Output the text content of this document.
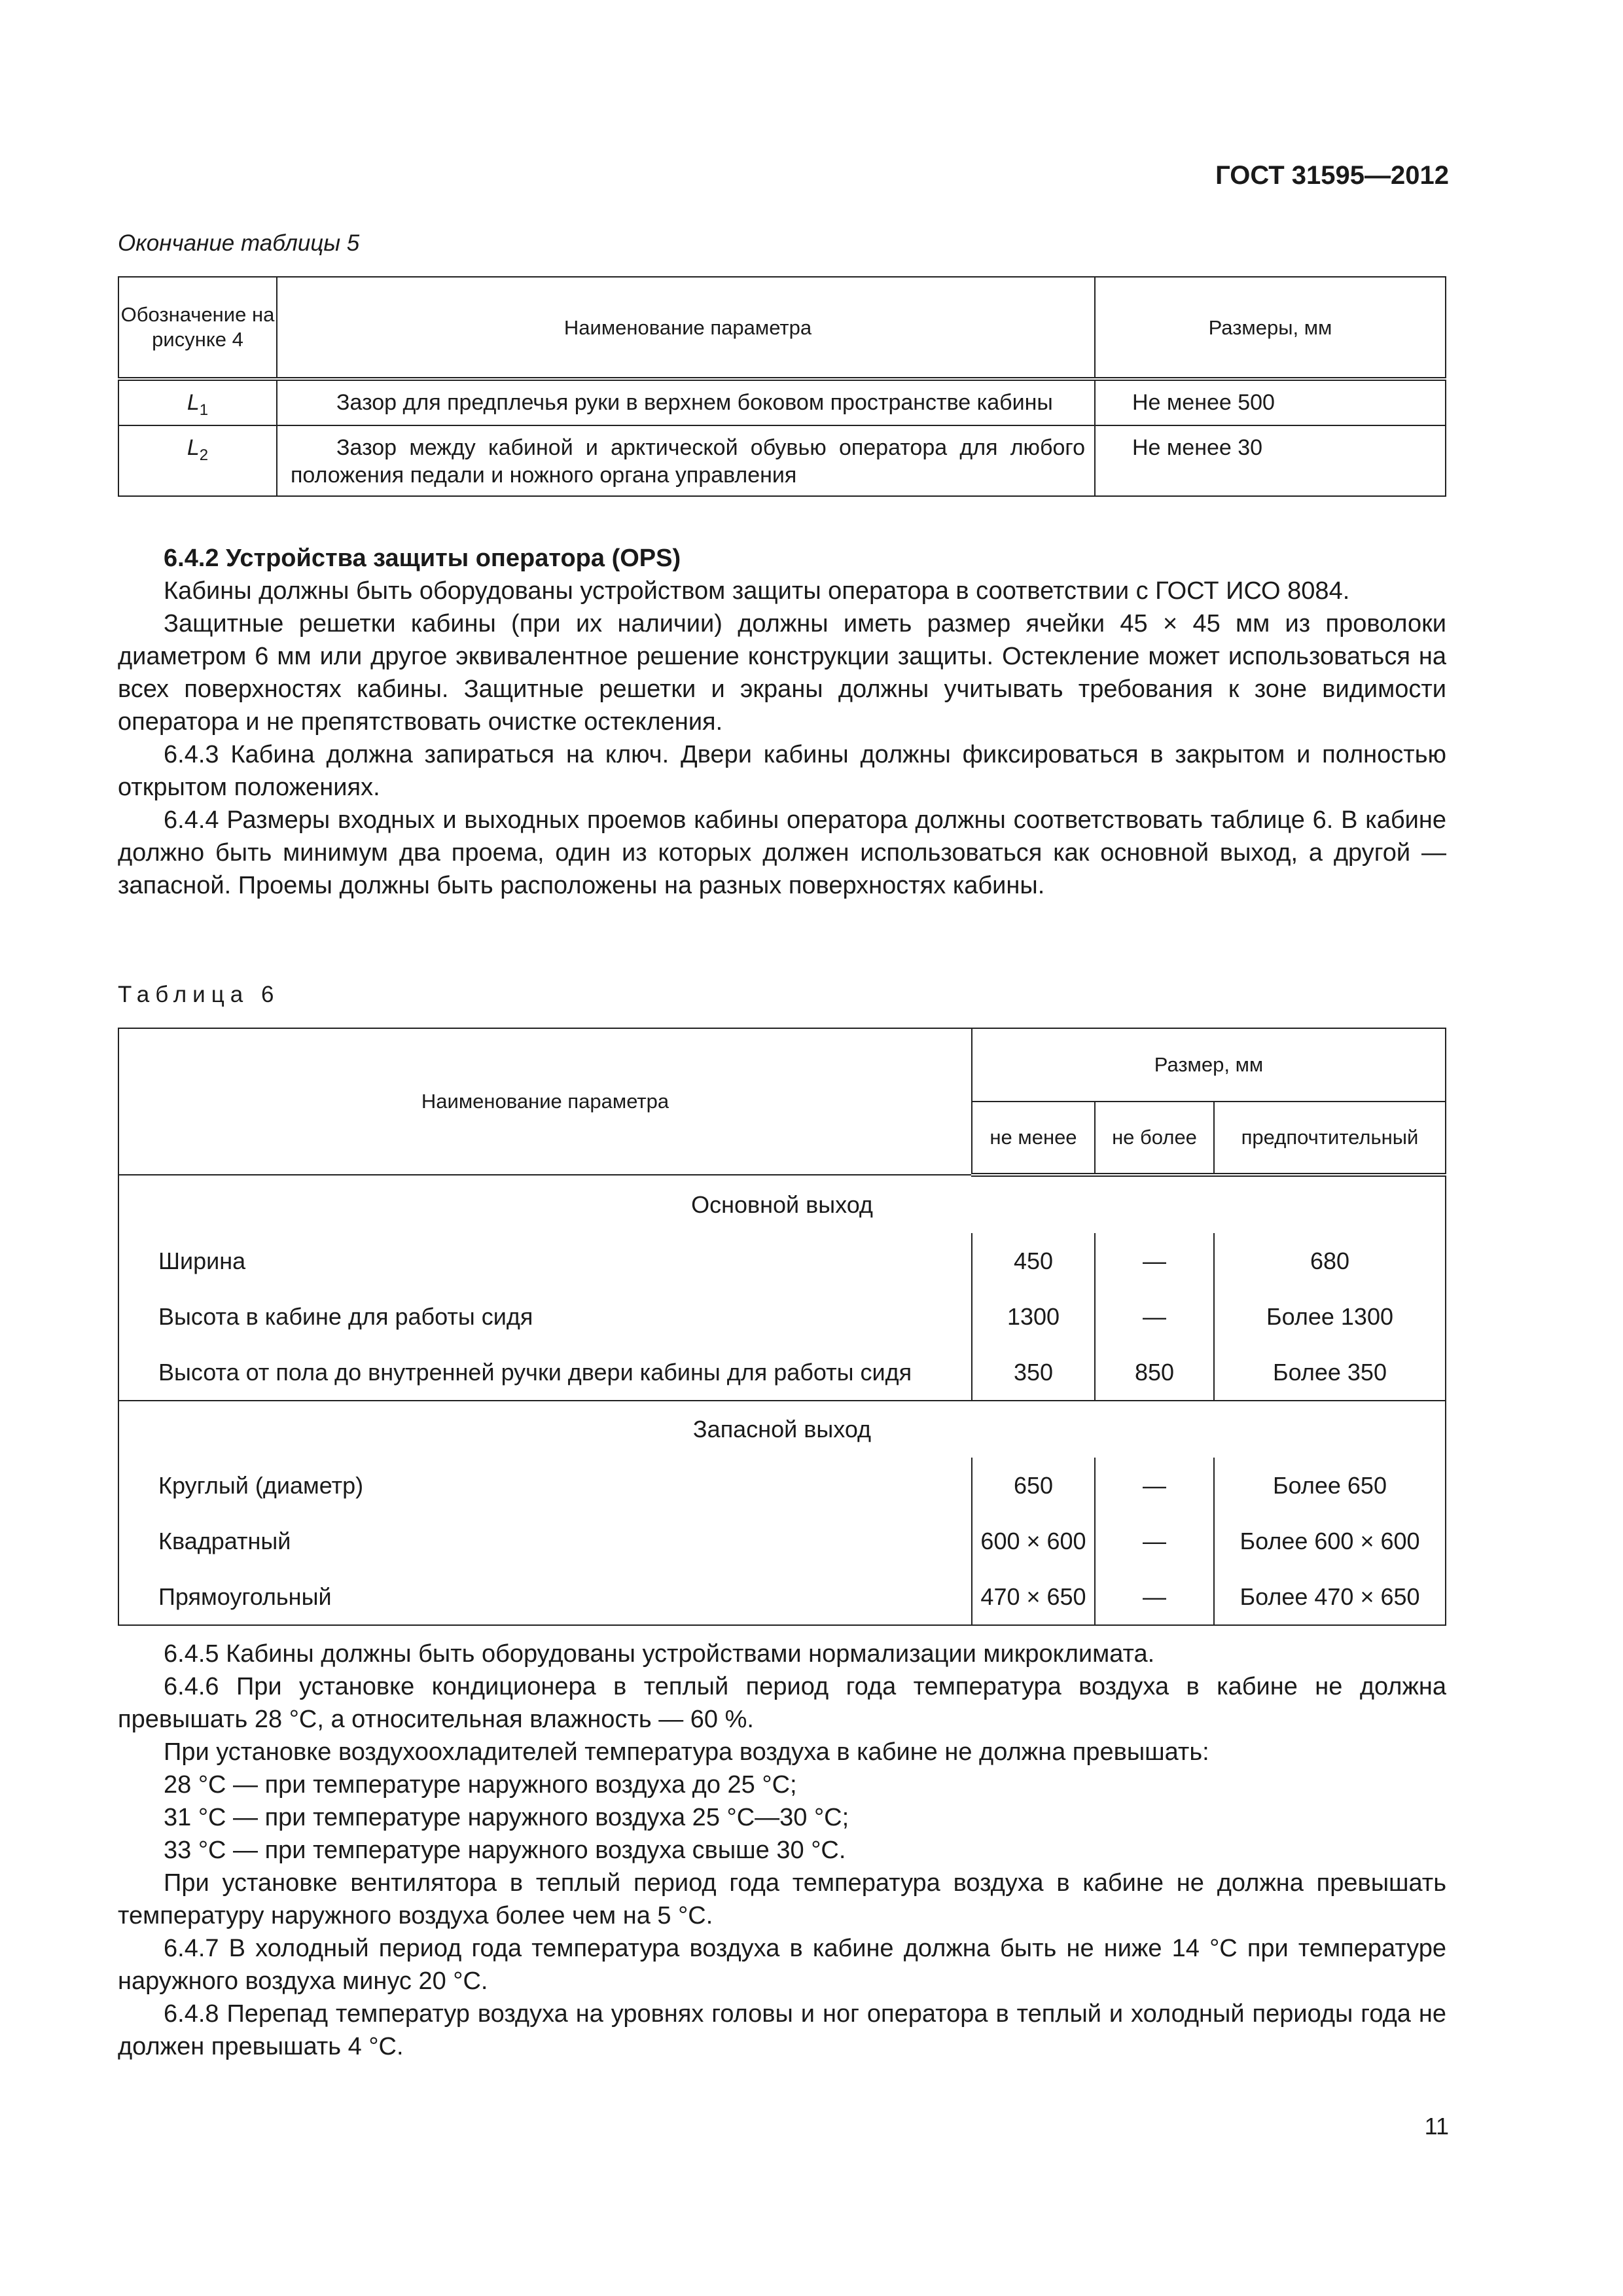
ГОСТ 31595—2012
Окончание таблицы 5
Обозначение на рисунке 4	Наименование параметра	Размеры, мм
$L_1$	Зазор для предплечья руки в верхнем боковом пространстве кабины	Не менее 500
$L_2$	Зазор между кабиной и арктической обувью оператора для любого положения педали и ножного органа управления	Не менее 30

6.4.2 Устройства защиты оператора (OPS)

Кабины должны быть оборудованы устройством защиты оператора в соответствии с ГОСТ ИСО 8084.

Защитные решетки кабины (при их наличии) должны иметь размер ячейки 45 × 45 мм из проволоки диаметром 6 мм или другое эквивалентное решение конструкции защиты. Остекление может использоваться на всех поверхностях кабины. Защитные решетки и экраны должны учитывать требования к зоне видимости оператора и не препятствовать очистке остекления.

6.4.3 Кабина должна запираться на ключ. Двери кабины должны фиксироваться в закрытом и полностью открытом положениях.

6.4.4 Размеры входных и выходных проемов кабины оператора должны соответствовать таблице 6. В кабине должно быть минимум два проема, один из которых должен использоваться как основной выход, а другой — запасной. Проемы должны быть расположены на разных поверхностях кабины.

Таблица 6
Наименование параметра	Размер, мм		
	не менее	не более	предпочтительный
Основной выход			
Ширина	450	—	680
Высота в кабине для работы сидя	1300	—	Более 1300
Высота от пола до внутренней ручки двери кабины для работы сидя	350	850	Более 350
Запасной выход			
Круглый (диаметр)	650	—	Более 650
Квадратный	600 × 600	—	Более 600 × 600
Прямоугольный	470 × 650	—	Более 470 × 650

6.4.5 Кабины должны быть оборудованы устройствами нормализации микроклимата.

6.4.6 При установке кондиционера в теплый период года температура воздуха в кабине не должна превышать 28 °С, а относительная влажность — 60 %.

При установке воздухоохладителей температура воздуха в кабине не должна превышать:

28 °С — при температуре наружного воздуха до 25 °С;

31 °С — при температуре наружного воздуха 25 °С—30 °С;

33 °С — при температуре наружного воздуха свыше 30 °С.

При установке вентилятора в теплый период года температура воздуха в кабине не должна превышать температуру наружного воздуха более чем на 5 °С.

6.4.7 В холодный период года температура воздуха в кабине должна быть не ниже 14 °С при температуре наружного воздуха минус 20 °С.

6.4.8 Перепад температур воздуха на уровнях головы и ног оператора в теплый и холодный периоды года не должен превышать 4 °С.

11
